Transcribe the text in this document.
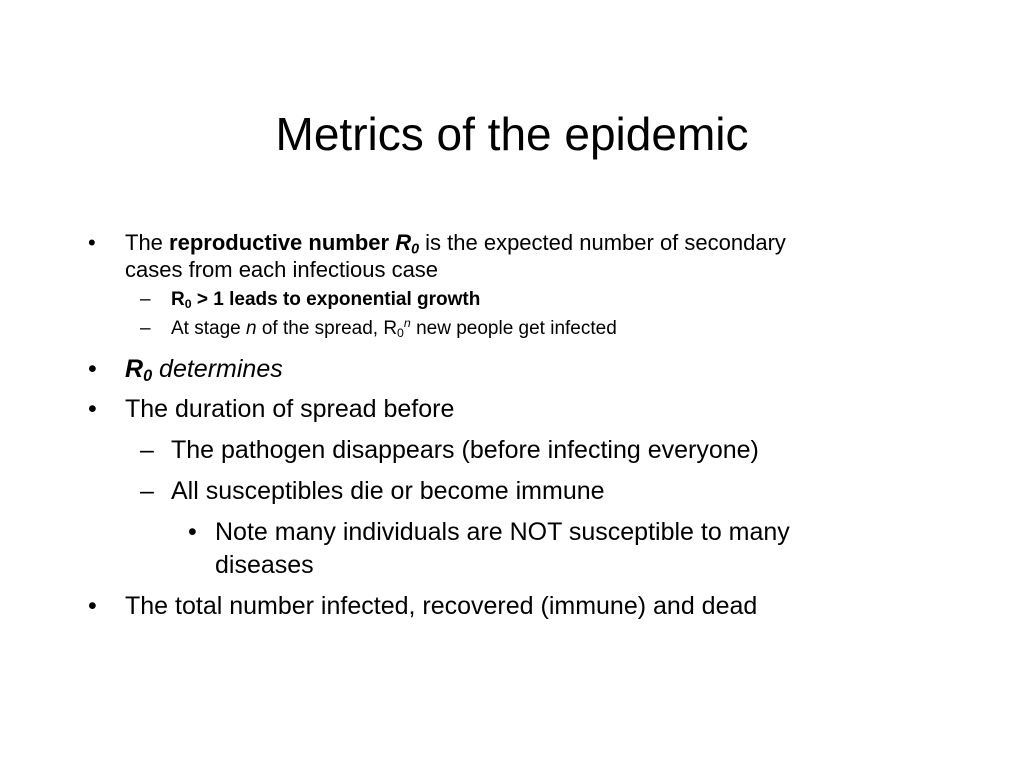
Metrics of the epidemic
• The reproductive number $R_0$ is the expected number of secondary
cases from each infectious case
– $R_0 > 1$ leads to exponential growth
– At stage n of the spread, $R_0^n$ new people get infected
• $R_0$ determines
• The duration of spread before
– The pathogen disappears (before infecting everyone)
– All susceptibles die or become immune
• Note many individuals are NOT susceptible to many
diseases
• The total number infected, recovered (immune) and dead
